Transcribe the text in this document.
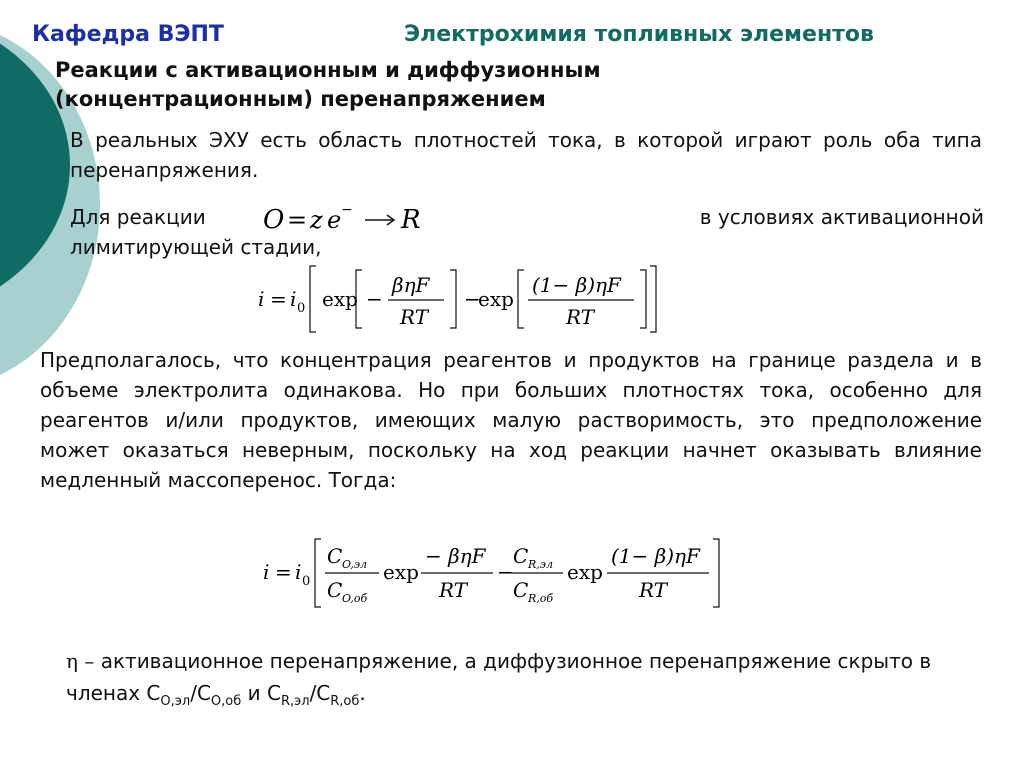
Кафедра ВЭПТ	Электрохимия топливных элементов
Реакции с активационным и диффузионным (концентрационным) перенапряжением
В реальных ЭХУ есть область плотностей тока, в которой играют роль оба типа перенапряжения.
Для реакции	в условиях активационной
лимитирующей стадии,
O = z e − R
i = i 0 exp −
βηF
RT
−
exp
(1− β)ηF
RT
Предполагалось, что концентрация реагентов и продуктов на границе раздела и в объеме электролита одинакова. Но при больших плотностях тока, особенно для реагентов и/или продуктов, имеющих малую растворимость, это предположение может оказаться неверным, поскольку на ход реакции начнет оказывать влияние медленный массоперенос. Тогда:
i = i 0
C O,эл
C O,об
exp
− βηF
RT
−
C R,эл
C R,об
exp
(1− β)ηF
RT
η – активационное перенапряжение, а диффузионное перенапряжение скрыто в членах $C_{O,эл}/C_{O,об}$ и $C_{R,эл}/C_{R,об}$.
